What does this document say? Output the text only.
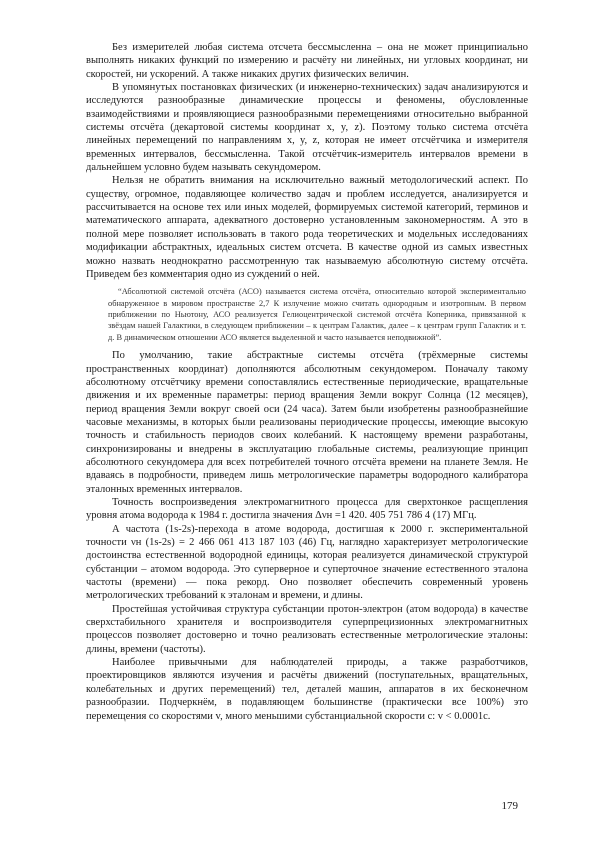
Без измерителей любая система отсчета бессмысленна – она не может принципиально выполнять никаких функций по измерению и расчёту ни линейных, ни угловых координат, ни скоростей, ни ускорений. А также никаких других физических величин.

В упомянутых постановках физических (и инженерно-технических) задач анализируются и исследуются разнообразные динамические процессы и феномены, обусловленные взаимодействиями и проявляющиеся разнообразными перемещениями относительно выбранной системы отсчёта (декартовой системы координат x, y, z). Поэтому только система отсчёта линейных перемещений по направлениям x, y, z, которая не имеет отсчётчика и измерителя временных интервалов, бессмысленна. Такой отсчётчик-измеритель интервалов времени в дальнейшем условно будем называть секундомером.

Нельзя не обратить внимания на исключительно важный методологический аспект. По существу, огромное, подавляющее количество задач и проблем исследуется, анализируется и рассчитывается на основе тех или иных моделей, формируемых системой категорий, терминов и математического аппарата, адекватного достоверно установленным закономерностям. А это в полной мере позволяет использовать в такого рода теоретических и модельных исследованиях модификации абстрактных, идеальных систем отсчета. В качестве одной из самых известных можно назвать неоднократно рассмотренную так называемую абсолютную систему отсчёта. Приведем без комментария одно из суждений о ней.

“Абсолютной системой отсчёта (АСО) называется система отсчёта, относительно которой экспериментально обнаруженное в мировом пространстве 2,7 К излучение можно считать однородным и изотропным. В первом приближении по Ньютону, АСО реализуется Гелиоцентрической системой отсчёта Коперника, привязанной к звёздам нашей Галактики, в следующем приближении – к центрам Галактик, далее – к центрам групп Галактик и т. д. В динамическом отношении АСО является выделенной и часто называется неподвижной”.

По умолчанию, такие абстрактные системы отсчёта (трёхмерные системы пространственных координат) дополняются абсолютным секундомером. Поначалу такому абсолютному отсчётчику времени сопоставлялись естественные периодические, вращательные движения и их временные параметры: период вращения Земли вокруг Солнца (12 месяцев), период вращения Земли вокруг своей оси (24 часа). Затем были изобретены разнообразнейшие часовые механизмы, в которых были реализованы периодические процессы, имеющие высокую точность и стабильность периодов своих колебаний. К настоящему времени разработаны, синхронизированы и внедрены в эксплуатацию глобальные системы, реализующие принцип абсолютного секундомера для всех потребителей точного отсчёта времени на планете Земля. Не вдаваясь в подробности, приведем лишь метрологические параметры водородного калибратора эталонных временных интервалов.

Точность воспроизведения электромагнитного процесса для сверхтонкое расщепления уровня атома водорода к 1984 г. достигла значения Δνн =1 420. 405 751 786 4 (17) МГц.

А частота (1s-2s)-перехода в атоме водорода, достигшая к 2000 г. экспериментальной точности νн (1s-2s) = 2 466 061 413 187 103 (46) Гц, наглядно характеризует метрологические достоинства естественной водородной единицы, которая реализуется динамической структурой субстанции – атомом водорода. Это суперверное и суперточное значение естественного эталона частоты (времени) — пока рекорд. Оно позволяет обеспечить современный уровень метрологических требований к эталонам и времени, и длины.

Простейшая устойчивая структура субстанции протон-электрон (атом водорода) в качестве сверхстабильного хранителя и воспроизводителя суперпрецизионных электромагнитных процессов позволяет достоверно и точно реализовать естественные метрологические эталоны: длины, времени (частоты).

Наиболее привычными для наблюдателей природы, а также разработчиков, проектировщиков являются изучения и расчёты движений (поступательных, вращательных, колебательных и других перемещений) тел, деталей машин, аппаратов в их бесконечном разнообразии. Подчеркнём, в подавляющем большинстве (практически все 100%) это перемещения со скоростями v, много меньшими субстанциальной скорости c: v < 0.0001c.

179
